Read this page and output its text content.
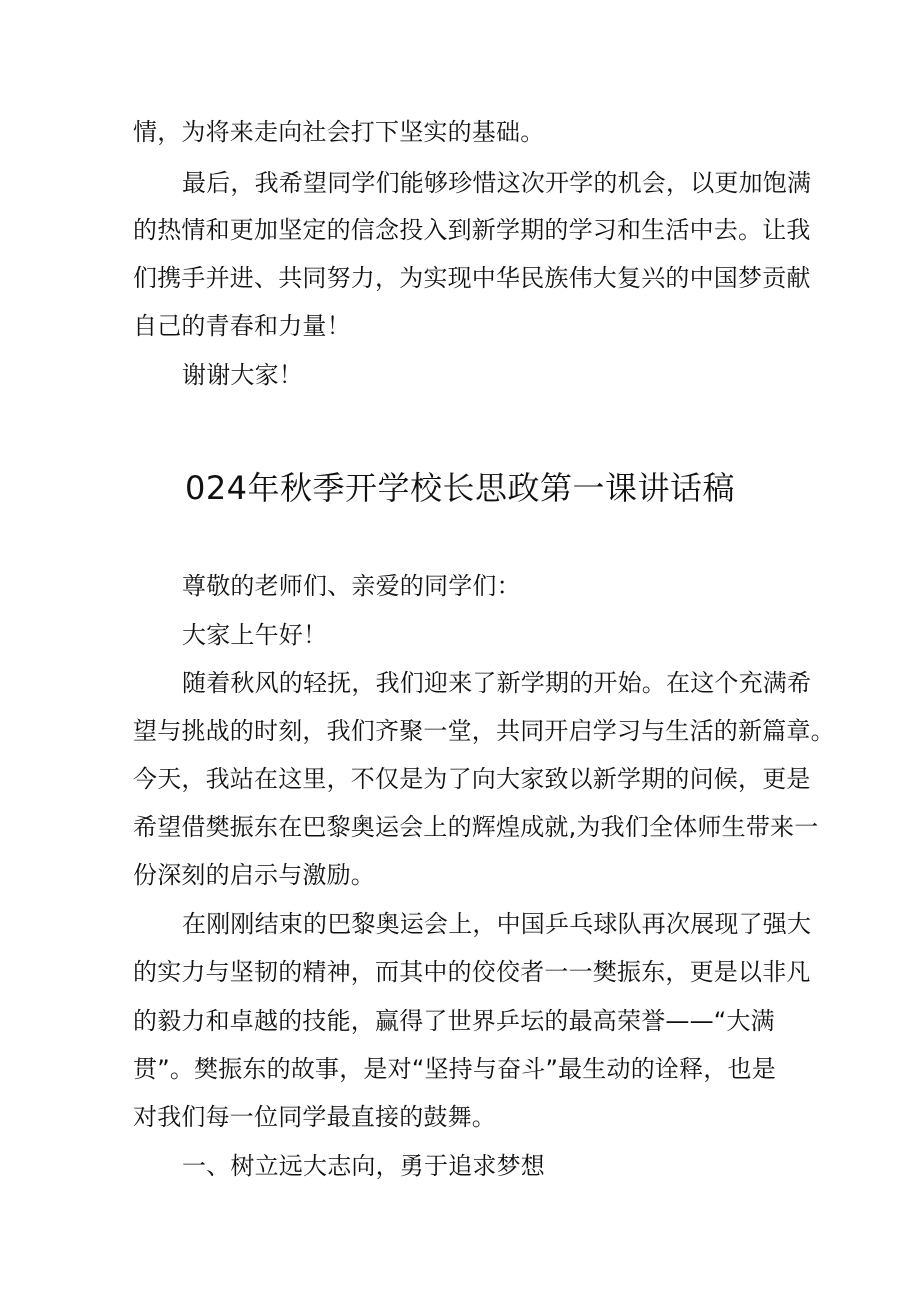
情，为将来走向社会打下坚实的基础。
最后，我希望同学们能够珍惜这次开学的机会，以更加饱满
的热情和更加坚定的信念投入到新学期的学习和生活中去。让我
们携手并进、共同努力，为实现中华民族伟大复兴的中国梦贡献
自己的青春和力量！
谢谢大家！
024年秋季开学校长思政第一课讲话稿
尊敬的老师们、亲爱的同学们：
大家上午好！
随着秋风的轻抚，我们迎来了新学期的开始。在这个充满希
望与挑战的时刻，我们齐聚一堂，共同开启学习与生活的新篇章。
今天，我站在这里，不仅是为了向大家致以新学期的问候，更是
希望借樊振东在巴黎奥运会上的辉煌成就,为我们全体师生带来一
份深刻的启示与激励。
在刚刚结束的巴黎奥运会上，中国乒乓球队再次展现了强大
的实力与坚韧的精神，而其中的佼佼者一一樊振东，更是以非凡
的毅力和卓越的技能，赢得了世界乒坛的最高荣誉——“大满
贯”。樊振东的故事，是对“坚持与奋斗”最生动的诠释，也是
对我们每一位同学最直接的鼓舞。
一、树立远大志向，勇于追求梦想
